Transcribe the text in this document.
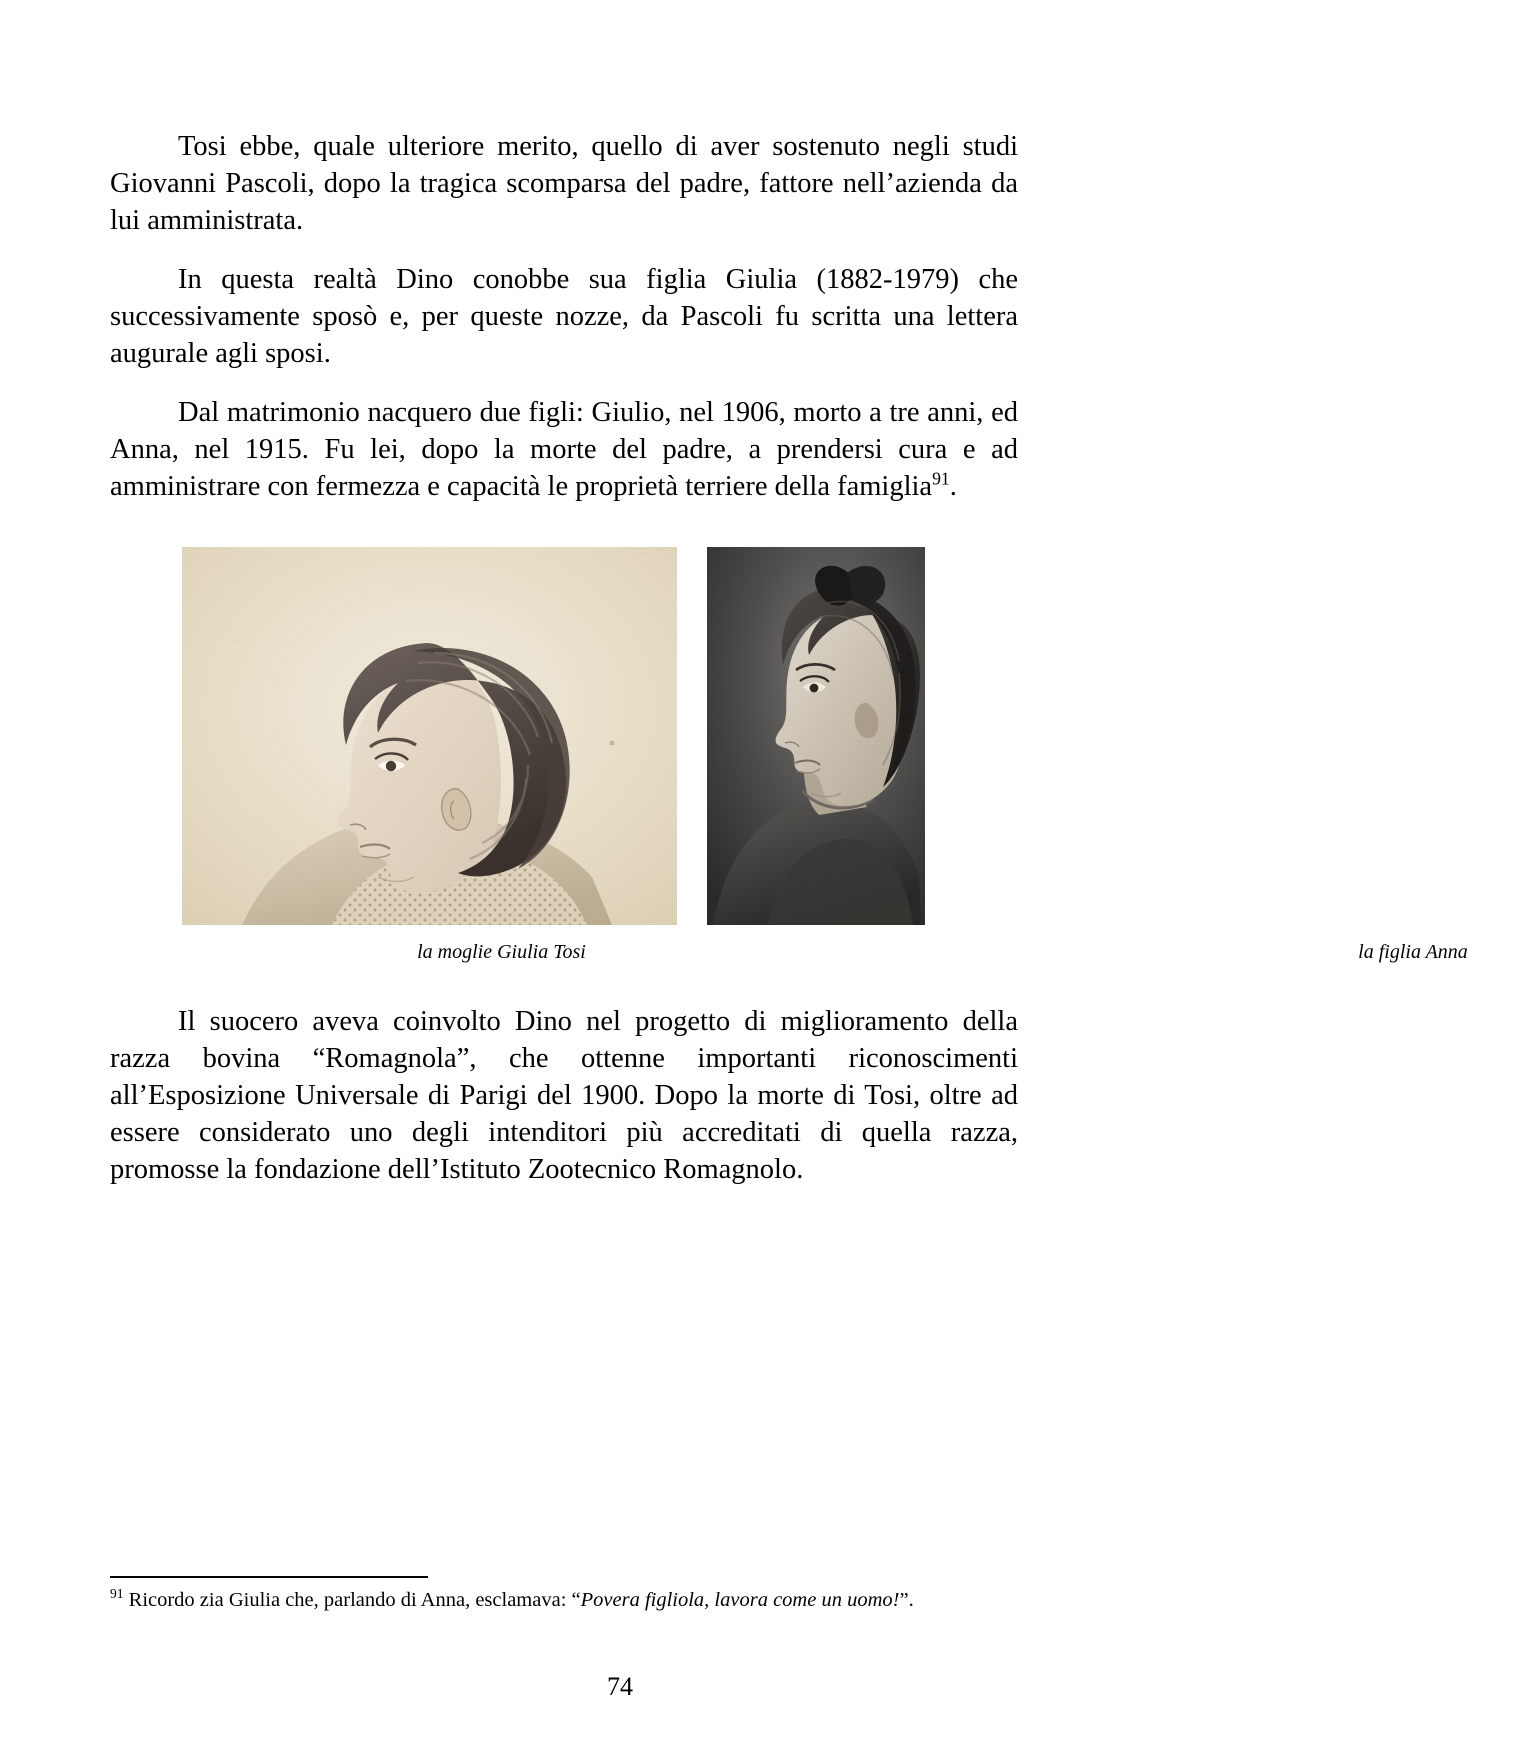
Tosi ebbe, quale ulteriore merito, quello di aver sostenuto negli studi Giovanni Pascoli, dopo la tragica scomparsa del padre, fattore nell’azienda da lui amministrata.

In questa realtà Dino conobbe sua figlia Giulia (1882-1979) che successivamente sposò e, per queste nozze, da Pascoli fu scritta una lettera augurale agli sposi.

Dal matrimonio nacquero due figli: Giulio, nel 1906, morto a tre anni, ed Anna, nel 1915. Fu lei, dopo la morte del padre, a prendersi cura e ad amministrare con fermezza e capacità le proprietà terriere della famiglia$^{91}$.

la moglie Giulia Tosi	la figlia Anna

Il suocero aveva coinvolto Dino nel progetto di miglioramento della razza bovina “Romagnola”, che ottenne importanti riconoscimenti all’Esposizione Universale di Parigi del 1900. Dopo la morte di Tosi, oltre ad essere considerato uno degli intenditori più accreditati di quella razza, promosse la fondazione dell’Istituto Zootecnico Romagnolo.

$^{91}$ Ricordo zia Giulia che, parlando di Anna, esclamava: “Povera figliola, lavora come un uomo!”.
74
